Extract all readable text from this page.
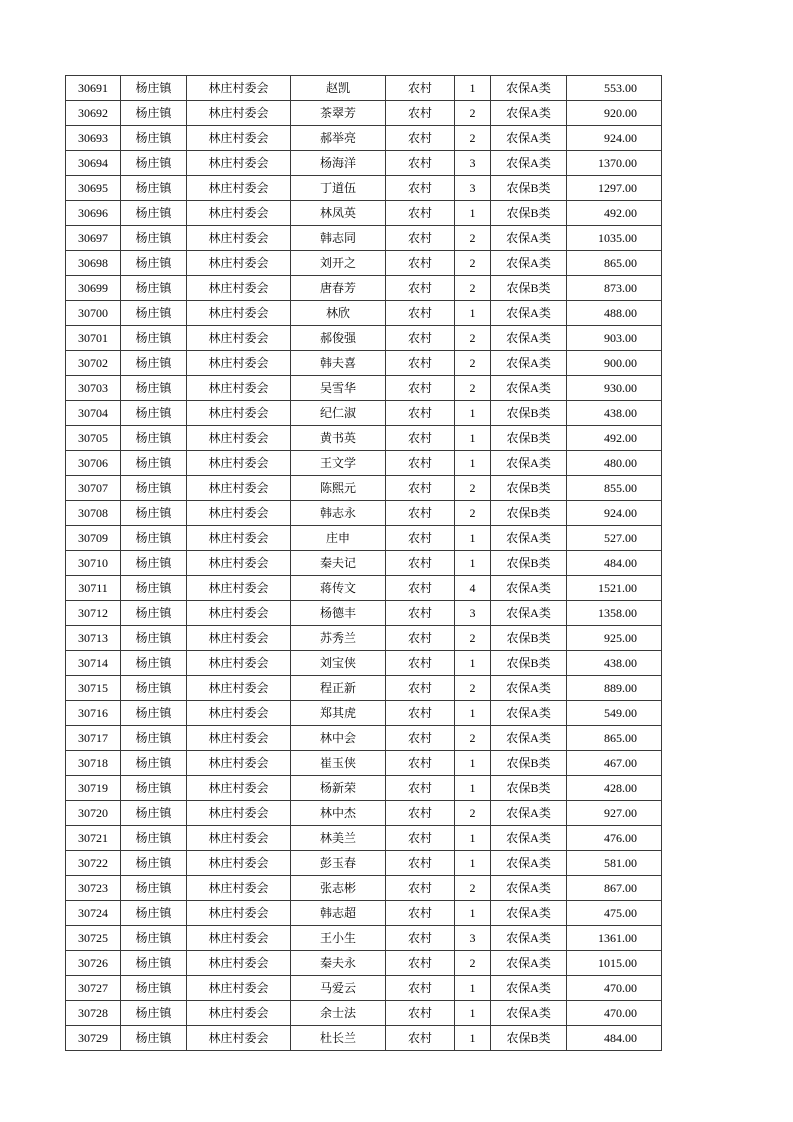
30691	杨庄镇	林庄村委会	赵凯	农村	1	农保A类	553.00
30692	杨庄镇	林庄村委会	茶翠芳	农村	2	农保A类	920.00
30693	杨庄镇	林庄村委会	郝举亮	农村	2	农保A类	924.00
30694	杨庄镇	林庄村委会	杨海洋	农村	3	农保A类	1370.00
30695	杨庄镇	林庄村委会	丁道伍	农村	3	农保B类	1297.00
30696	杨庄镇	林庄村委会	林凤英	农村	1	农保B类	492.00
30697	杨庄镇	林庄村委会	韩志同	农村	2	农保A类	1035.00
30698	杨庄镇	林庄村委会	刘开之	农村	2	农保A类	865.00
30699	杨庄镇	林庄村委会	唐春芳	农村	2	农保B类	873.00
30700	杨庄镇	林庄村委会	林欣	农村	1	农保A类	488.00
30701	杨庄镇	林庄村委会	郝俊强	农村	2	农保A类	903.00
30702	杨庄镇	林庄村委会	韩夫喜	农村	2	农保A类	900.00
30703	杨庄镇	林庄村委会	吴雪华	农村	2	农保A类	930.00
30704	杨庄镇	林庄村委会	纪仁淑	农村	1	农保B类	438.00
30705	杨庄镇	林庄村委会	黄书英	农村	1	农保B类	492.00
30706	杨庄镇	林庄村委会	王文学	农村	1	农保A类	480.00
30707	杨庄镇	林庄村委会	陈熙元	农村	2	农保B类	855.00
30708	杨庄镇	林庄村委会	韩志永	农村	2	农保B类	924.00
30709	杨庄镇	林庄村委会	庄申	农村	1	农保A类	527.00
30710	杨庄镇	林庄村委会	秦夫记	农村	1	农保B类	484.00
30711	杨庄镇	林庄村委会	蒋传文	农村	4	农保A类	1521.00
30712	杨庄镇	林庄村委会	杨德丰	农村	3	农保A类	1358.00
30713	杨庄镇	林庄村委会	苏秀兰	农村	2	农保B类	925.00
30714	杨庄镇	林庄村委会	刘宝侠	农村	1	农保B类	438.00
30715	杨庄镇	林庄村委会	程正新	农村	2	农保A类	889.00
30716	杨庄镇	林庄村委会	郑其虎	农村	1	农保A类	549.00
30717	杨庄镇	林庄村委会	林中会	农村	2	农保A类	865.00
30718	杨庄镇	林庄村委会	崔玉侠	农村	1	农保B类	467.00
30719	杨庄镇	林庄村委会	杨新荣	农村	1	农保B类	428.00
30720	杨庄镇	林庄村委会	林中杰	农村	2	农保A类	927.00
30721	杨庄镇	林庄村委会	林美兰	农村	1	农保A类	476.00
30722	杨庄镇	林庄村委会	彭玉春	农村	1	农保A类	581.00
30723	杨庄镇	林庄村委会	张志彬	农村	2	农保A类	867.00
30724	杨庄镇	林庄村委会	韩志超	农村	1	农保A类	475.00
30725	杨庄镇	林庄村委会	王小生	农村	3	农保A类	1361.00
30726	杨庄镇	林庄村委会	秦夫永	农村	2	农保A类	1015.00
30727	杨庄镇	林庄村委会	马爱云	农村	1	农保A类	470.00
30728	杨庄镇	林庄村委会	余士法	农村	1	农保A类	470.00
30729	杨庄镇	林庄村委会	杜长兰	农村	1	农保B类	484.00
